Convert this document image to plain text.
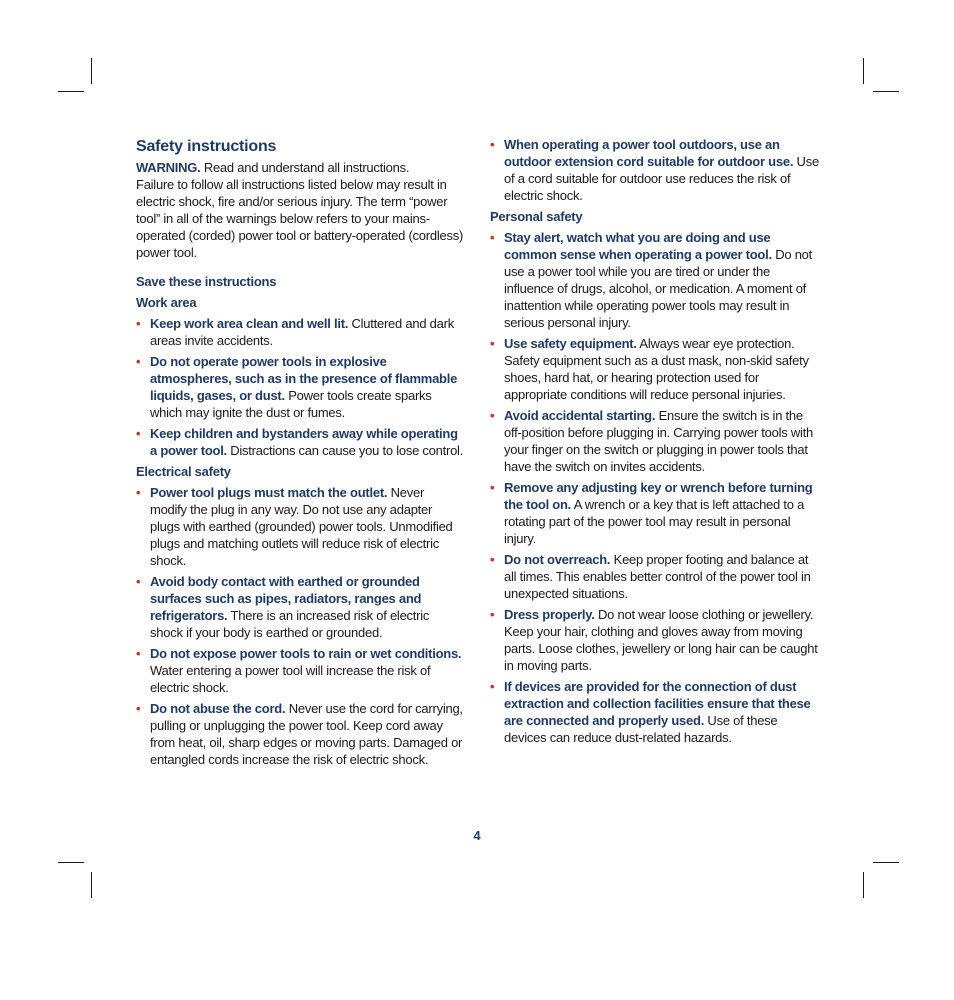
Safety instructions

WARNING. Read and understand all instructions.

Failure to follow all instructions listed below may result in electric shock, fire and/or serious injury. The term “power tool” in all of the warnings below refers to your mains-operated (corded) power tool or battery-operated (cordless) power tool.

Save these instructions
Work area
• Keep work area clean and well lit. Cluttered and dark areas invite accidents.
• Do not operate power tools in explosive atmospheres, such as in the presence of flammable liquids, gases, or dust. Power tools create sparks which may ignite the dust or fumes.
• Keep children and bystanders away while operating a power tool. Distractions can cause you to lose control.
Electrical safety
• Power tool plugs must match the outlet. Never modify the plug in any way. Do not use any adapter plugs with earthed (grounded) power tools. Unmodified plugs and matching outlets will reduce risk of electric shock.
• Avoid body contact with earthed or grounded surfaces such as pipes, radiators, ranges and refrigerators. There is an increased risk of electric shock if your body is earthed or grounded.
• Do not expose power tools to rain or wet conditions. Water entering a power tool will increase the risk of electric shock.
• Do not abuse the cord. Never use the cord for carrying, pulling or unplugging the power tool. Keep cord away from heat, oil, sharp edges or moving parts. Damaged or entangled cords increase the risk of electric shock.
• When operating a power tool outdoors, use an outdoor extension cord suitable for outdoor use. Use of a cord suitable for outdoor use reduces the risk of electric shock.
Personal safety
• Stay alert, watch what you are doing and use common sense when operating a power tool. Do not use a power tool while you are tired or under the influence of drugs, alcohol, or medication. A moment of inattention while operating power tools may result in serious personal injury.
• Use safety equipment. Always wear eye protection. Safety equipment such as a dust mask, non-skid safety shoes, hard hat, or hearing protection used for appropriate conditions will reduce personal injuries.
• Avoid accidental starting. Ensure the switch is in the off-position before plugging in. Carrying power tools with your finger on the switch or plugging in power tools that have the switch on invites accidents.
• Remove any adjusting key or wrench before turning the tool on. A wrench or a key that is left attached to a rotating part of the power tool may result in personal injury.
• Do not overreach. Keep proper footing and balance at all times. This enables better control of the power tool in unexpected situations.
• Dress properly. Do not wear loose clothing or jewellery. Keep your hair, clothing and gloves away from moving parts. Loose clothes, jewellery or long hair can be caught in moving parts.
• If devices are provided for the connection of dust extraction and collection facilities ensure that these are connected and properly used. Use of these devices can reduce dust-related hazards.
4
